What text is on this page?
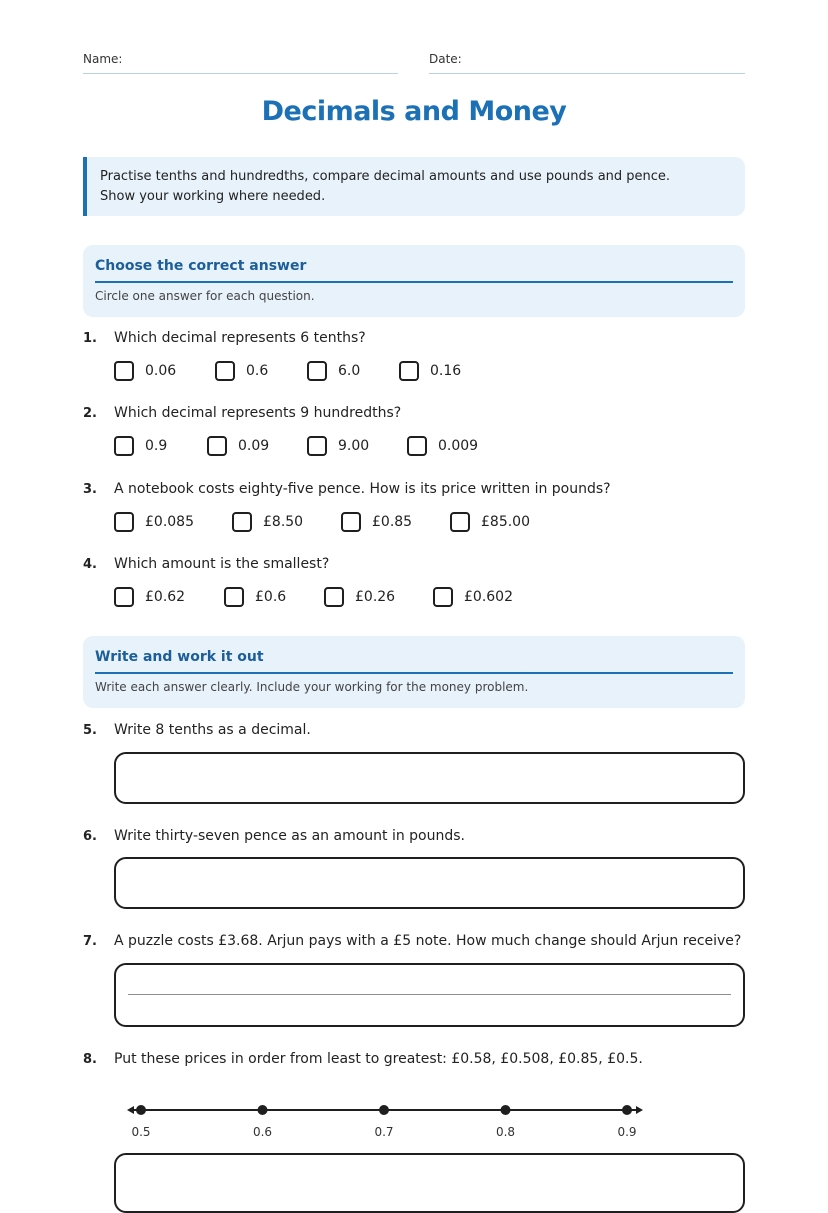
Name:	Date:
Decimals and Money
Practise tenths and hundredths, compare decimal amounts and use pounds and pence. Show your working where needed.
Choose the correct answer
Circle one answer for each question.
1. Which decimal represents 6 tenths?
0.06	0.6	6.0	0.16
2. Which decimal represents 9 hundredths?
0.9	0.09	9.00	0.009
3. A notebook costs eighty-five pence. How is its price written in pounds?
£0.085	£8.50	£0.85	£85.00
4. Which amount is the smallest?
£0.62	£0.6	£0.26	£0.602
Write and work it out
Write each answer clearly. Include your working for the money problem.
5. Write 8 tenths as a decimal.
6. Write thirty-seven pence as an amount in pounds.
7. A puzzle costs £3.68. Arjun pays with a £5 note. How much change should Arjun receive?
8. Put these prices in order from least to greatest: £0.58, £0.508, £0.85, £0.5.
0.5	0.6	0.7	0.8	0.9
